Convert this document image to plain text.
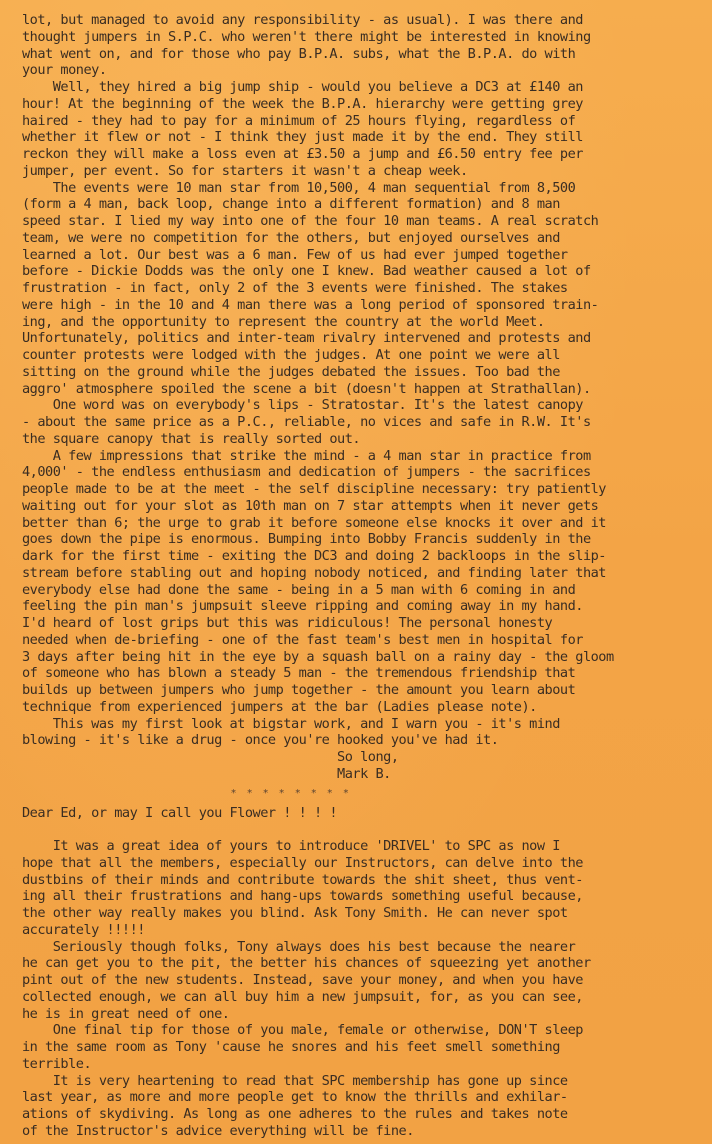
lot, but managed to avoid any responsibility - as usual). I was there and
thought jumpers in S.P.C. who weren't there might be interested in knowing
what went on, and for those who pay B.P.A. subs, what the B.P.A. do with
your money.
Well, they hired a big jump ship - would you believe a DC3 at £140 an
hour! At the beginning of the week the B.P.A. hierarchy were getting grey
haired - they had to pay for a minimum of 25 hours flying, regardless of
whether it flew or not - I think they just made it by the end. They still
reckon they will make a loss even at £3.50 a jump and £6.50 entry fee per
jumper, per event. So for starters it wasn't a cheap week.
The events were 10 man star from 10,500, 4 man sequential from 8,500
(form a 4 man, back loop, change into a different formation) and 8 man
speed star. I lied my way into one of the four 10 man teams. A real scratch
team, we were no competition for the others, but enjoyed ourselves and
learned a lot. Our best was a 6 man. Few of us had ever jumped together
before - Dickie Dodds was the only one I knew. Bad weather caused a lot of
frustration - in fact, only 2 of the 3 events were finished. The stakes
were high - in the 10 and 4 man there was a long period of sponsored train-
ing, and the opportunity to represent the country at the world Meet.
Unfortunately, politics and inter-team rivalry intervened and protests and
counter protests were lodged with the judges. At one point we were all
sitting on the ground while the judges debated the issues. Too bad the
aggro' atmosphere spoiled the scene a bit (doesn't happen at Strathallan).
One word was on everybody's lips - Stratostar. It's the latest canopy
- about the same price as a P.C., reliable, no vices and safe in R.W. It's
the square canopy that is really sorted out.
A few impressions that strike the mind - a 4 man star in practice from
4,000' - the endless enthusiasm and dedication of jumpers - the sacrifices
people made to be at the meet - the self discipline necessary: try patiently
waiting out for your slot as 10th man on 7 star attempts when it never gets
better than 6; the urge to grab it before someone else knocks it over and it
goes down the pipe is enormous. Bumping into Bobby Francis suddenly in the
dark for the first time - exiting the DC3 and doing 2 backloops in the slip-
stream before stabling out and hoping nobody noticed, and finding later that
everybody else had done the same - being in a 5 man with 6 coming in and
feeling the pin man's jumpsuit sleeve ripping and coming away in my hand.
I'd heard of lost grips but this was ridiculous! The personal honesty
needed when de-briefing - one of the fast team's best men in hospital for
3 days after being hit in the eye by a squash ball on a rainy day - the gloom
of someone who has blown a steady 5 man - the tremendous friendship that
builds up between jumpers who jump together - the amount you learn about
technique from experienced jumpers at the bar (Ladies please note).
This was my first look at bigstar work, and I warn you - it's mind
blowing - it's like a drug - once you're hooked you've had it.
So long,
Mark B.
* * * * * * * *
Dear Ed, or may I call you Flower ! ! ! !
It was a great idea of yours to introduce 'DRIVEL' to SPC as now I
hope that all the members, especially our Instructors, can delve into the
dustbins of their minds and contribute towards the shit sheet, thus vent-
ing all their frustrations and hang-ups towards something useful because,
the other way really makes you blind. Ask Tony Smith. He can never spot
accurately !!!!!
Seriously though folks, Tony always does his best because the nearer
he can get you to the pit, the better his chances of squeezing yet another
pint out of the new students. Instead, save your money, and when you have
collected enough, we can all buy him a new jumpsuit, for, as you can see,
he is in great need of one.
One final tip for those of you male, female or otherwise, DON'T sleep
in the same room as Tony 'cause he snores and his feet smell something
terrible.
It is very heartening to read that SPC membership has gone up since
last year, as more and more people get to know the thrills and exhilar-
ations of skydiving. As long as one adheres to the rules and takes note
of the Instructor's advice everything will be fine.
